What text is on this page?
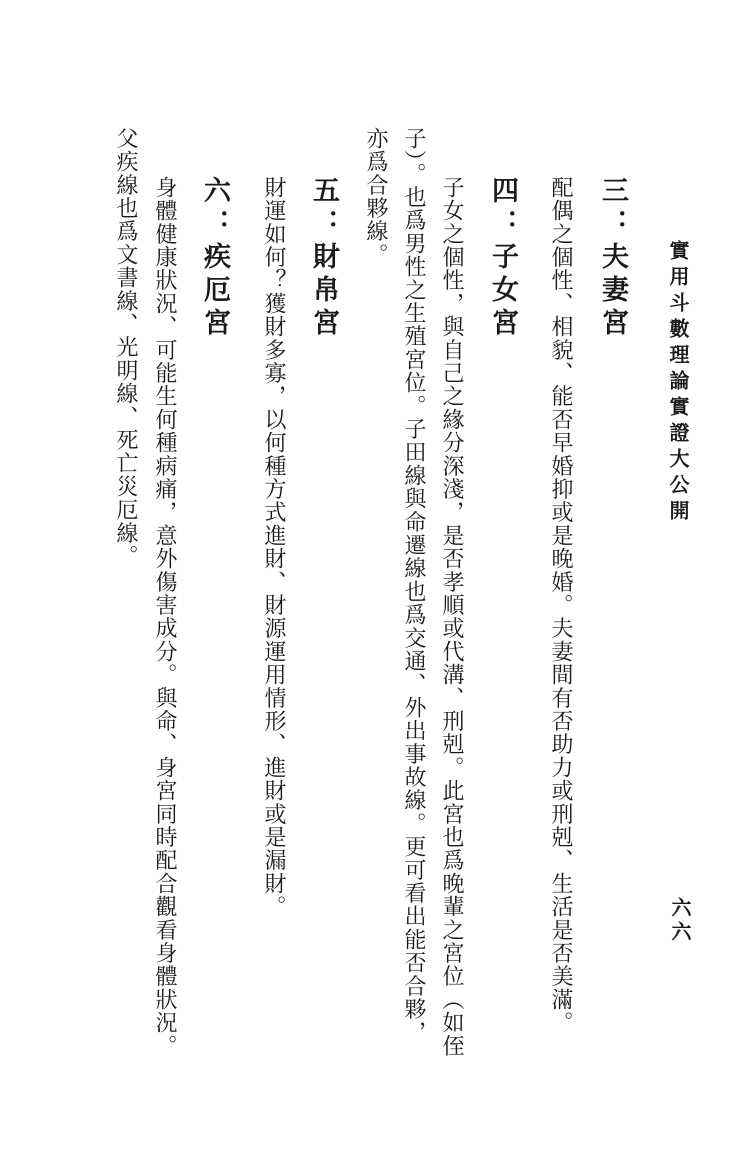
實用斗數理論實證大公開
六六
三：夫妻宮
配偶之個性、相貌、能否早婚抑或是晚婚。夫妻間有否助力或刑剋、生活是否美滿。
四：子女宮
子女之個性，與自己之緣分深淺，是否孝順或代溝、刑剋。此宮也爲晚輩之宮位（如侄
子）。也爲男性之生殖宮位。子田線與命遷線也爲交通、外出事故線。更可看出能否合夥，
亦爲合夥線。
五：財帛宮
財運如何？獲財多寡，以何種方式進財、財源運用情形、進財或是漏財。
六：疾厄宮
身體健康狀況、可能生何種病痛，意外傷害成分。與命、身宮同時配合觀看身體狀況。
父疾線也爲文書線、光明線、死亡災厄線。
